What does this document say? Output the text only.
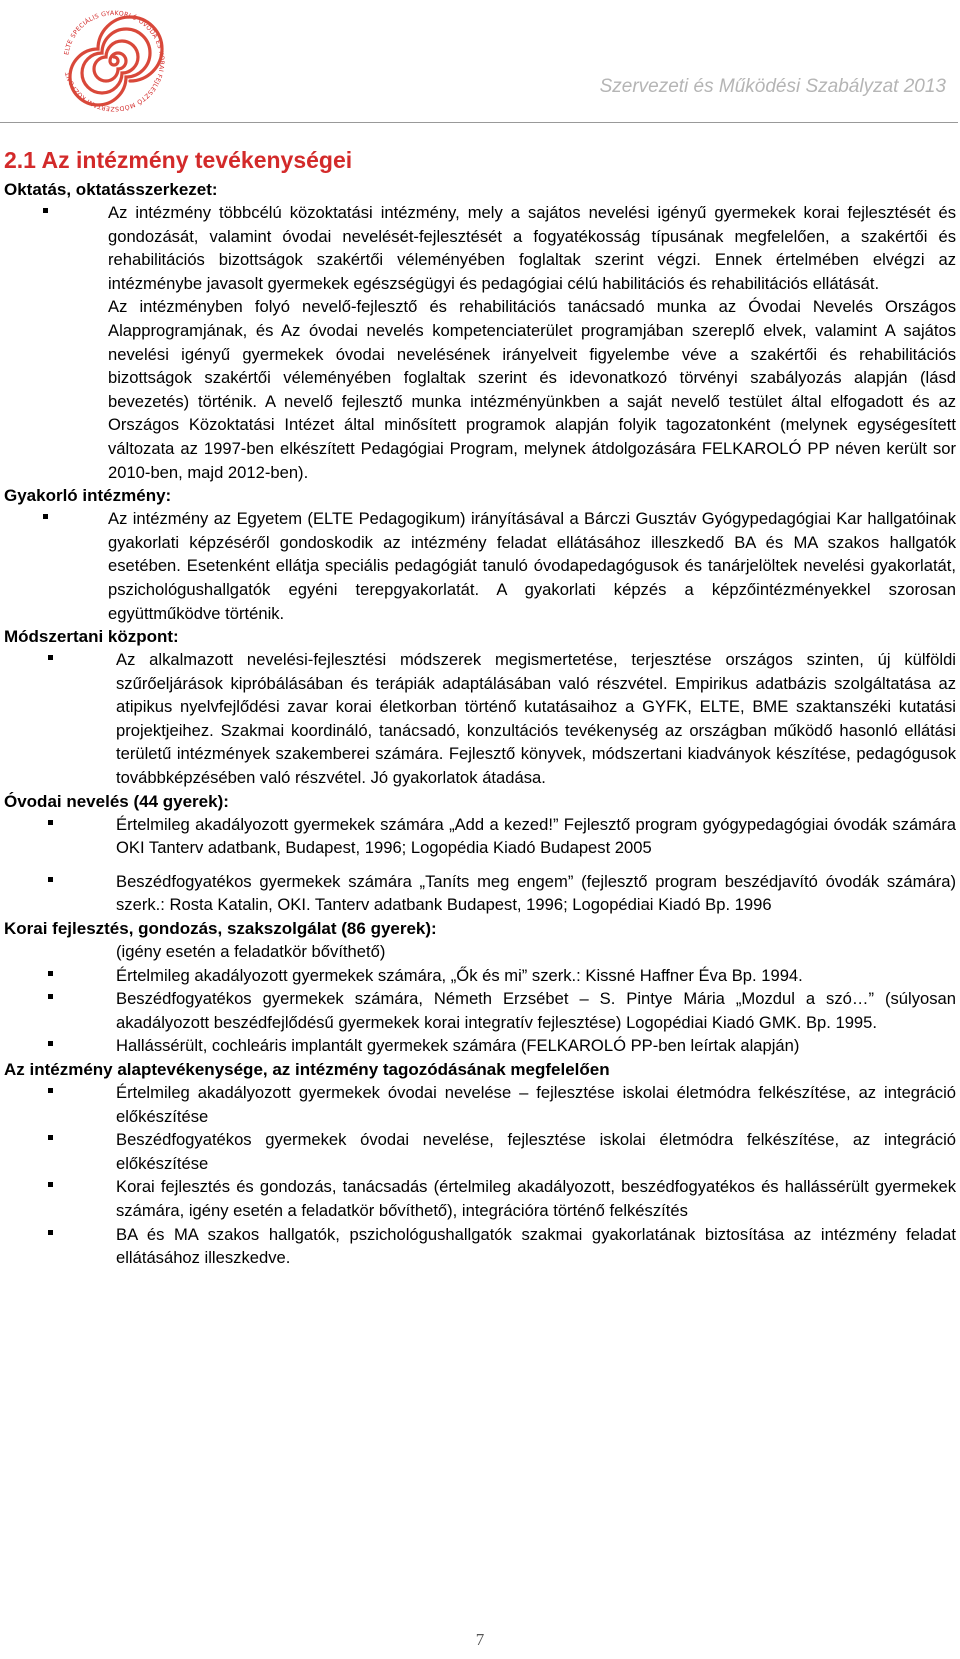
ELTE SPECIÁLIS GYAKORLÓ ÓVODA ÉS KORAI FEJLESZTŐ MÓDSZERTANI KÖZPONT
Szervezeti és Működési Szabályzat 2013
2.1 Az intézmény tevékenységei
Oktatás, oktatásszerkezet:
Az intézmény többcélú közoktatási intézmény, mely a sajátos nevelési igényű gyermekek korai fejlesztését és gondozását, valamint óvodai nevelését-fejlesztését a fogyatékosság típusának megfelelően, a szakértői és rehabilitációs bizottságok szakértői véleményében foglaltak szerint végzi. Ennek értelmében elvégzi az intézménybe javasolt gyermekek egészségügyi és pedagógiai célú habilitációs és rehabilitációs ellátását.

Az intézményben folyó nevelő-fejlesztő és rehabilitációs tanácsadó munka az Óvodai Nevelés Országos Alapprogramjának, és Az óvodai nevelés kompetenciaterület programjában szereplő elvek, valamint A sajátos nevelési igényű gyermekek óvodai nevelésének irányelveit figyelembe véve a szakértői és rehabilitációs bizottságok szakértői véleményében foglaltak szerint és idevonatkozó törvényi szabályozás alapján (lásd bevezetés) történik. A nevelő fejlesztő munka intézményünkben a saját nevelő testület által elfogadott és az Országos Közoktatási Intézet által minősített programok alapján folyik tagozatonként (melynek egységesített változata az 1997-ben elkészített Pedagógiai Program, melynek átdolgozására FELKAROLÓ PP néven került sor 2010-ben, majd 2012-ben).

Gyakorló intézmény:
Az intézmény az Egyetem (ELTE Pedagogikum) irányításával a Bárczi Gusztáv Gyógypedagógiai Kar hallgatóinak gyakorlati képzéséről gondoskodik az intézmény feladat ellátásához illeszkedő BA és MA szakos hallgatók esetében. Esetenként ellátja speciális pedagógiát tanuló óvodapedagógusok és tanárjelöltek nevelési gyakorlatát, pszichológushallgatók egyéni terepgyakorlatát. A gyakorlati képzés a képzőintézményekkel szorosan együttműködve történik.
Módszertani központ:
Az alkalmazott nevelési-fejlesztési módszerek megismertetése, terjesztése országos szinten, új külföldi szűrőeljárások kipróbálásában és terápiák adaptálásában való részvétel. Empirikus adatbázis szolgáltatása az atipikus nyelvfejlődési zavar korai életkorban történő kutatásaihoz a GYFK, ELTE, BME szaktanszéki kutatási projektjeihez. Szakmai koordináló, tanácsadó, konzultációs tevékenység az országban működő hasonló ellátási területű intézmények szakemberei számára. Fejlesztő könyvek, módszertani kiadványok készítése, pedagógusok továbbképzésében való részvétel. Jó gyakorlatok átadása.
Óvodai nevelés (44 gyerek):
Értelmileg akadályozott gyermekek számára „Add a kezed!” Fejlesztő program gyógypedagógiai óvodák számára OKI Tanterv adatbank, Budapest, 1996; Logopédia Kiadó Budapest 2005
Beszédfogyatékos gyermekek számára „Taníts meg engem” (fejlesztő program beszédjavító óvodák számára) szerk.: Rosta Katalin, OKI. Tanterv adatbank Budapest, 1996; Logopédiai Kiadó Bp. 1996
Korai fejlesztés, gondozás, szakszolgálat (86 gyerek):

(igény esetén a feladatkör bővíthető)

Értelmileg akadályozott gyermekek számára, „Ők és mi” szerk.: Kissné Haffner Éva Bp. 1994.
Beszédfogyatékos gyermekek számára, Németh Erzsébet – S. Pintye Mária „Mozdul a szó…” (súlyosan akadályozott beszédfejlődésű gyermekek korai integratív fejlesztése) Logopédiai Kiadó GMK. Bp. 1995.
Hallássérült, cochleáris implantált gyermekek számára (FELKAROLÓ PP-ben leírtak alapján)
Az intézmény alaptevékenysége, az intézmény tagozódásának megfelelően
Értelmileg akadályozott gyermekek óvodai nevelése – fejlesztése iskolai életmódra felkészítése, az integráció előkészítése
Beszédfogyatékos gyermekek óvodai nevelése, fejlesztése iskolai életmódra felkészítése, az integráció előkészítése
Korai fejlesztés és gondozás, tanácsadás (értelmileg akadályozott, beszédfogyatékos és hallássérült gyermekek számára, igény esetén a feladatkör bővíthető), integrációra történő felkészítés
BA és MA szakos hallgatók, pszichológushallgatók szakmai gyakorlatának biztosítása az intézmény feladat ellátásához illeszkedve.
7
